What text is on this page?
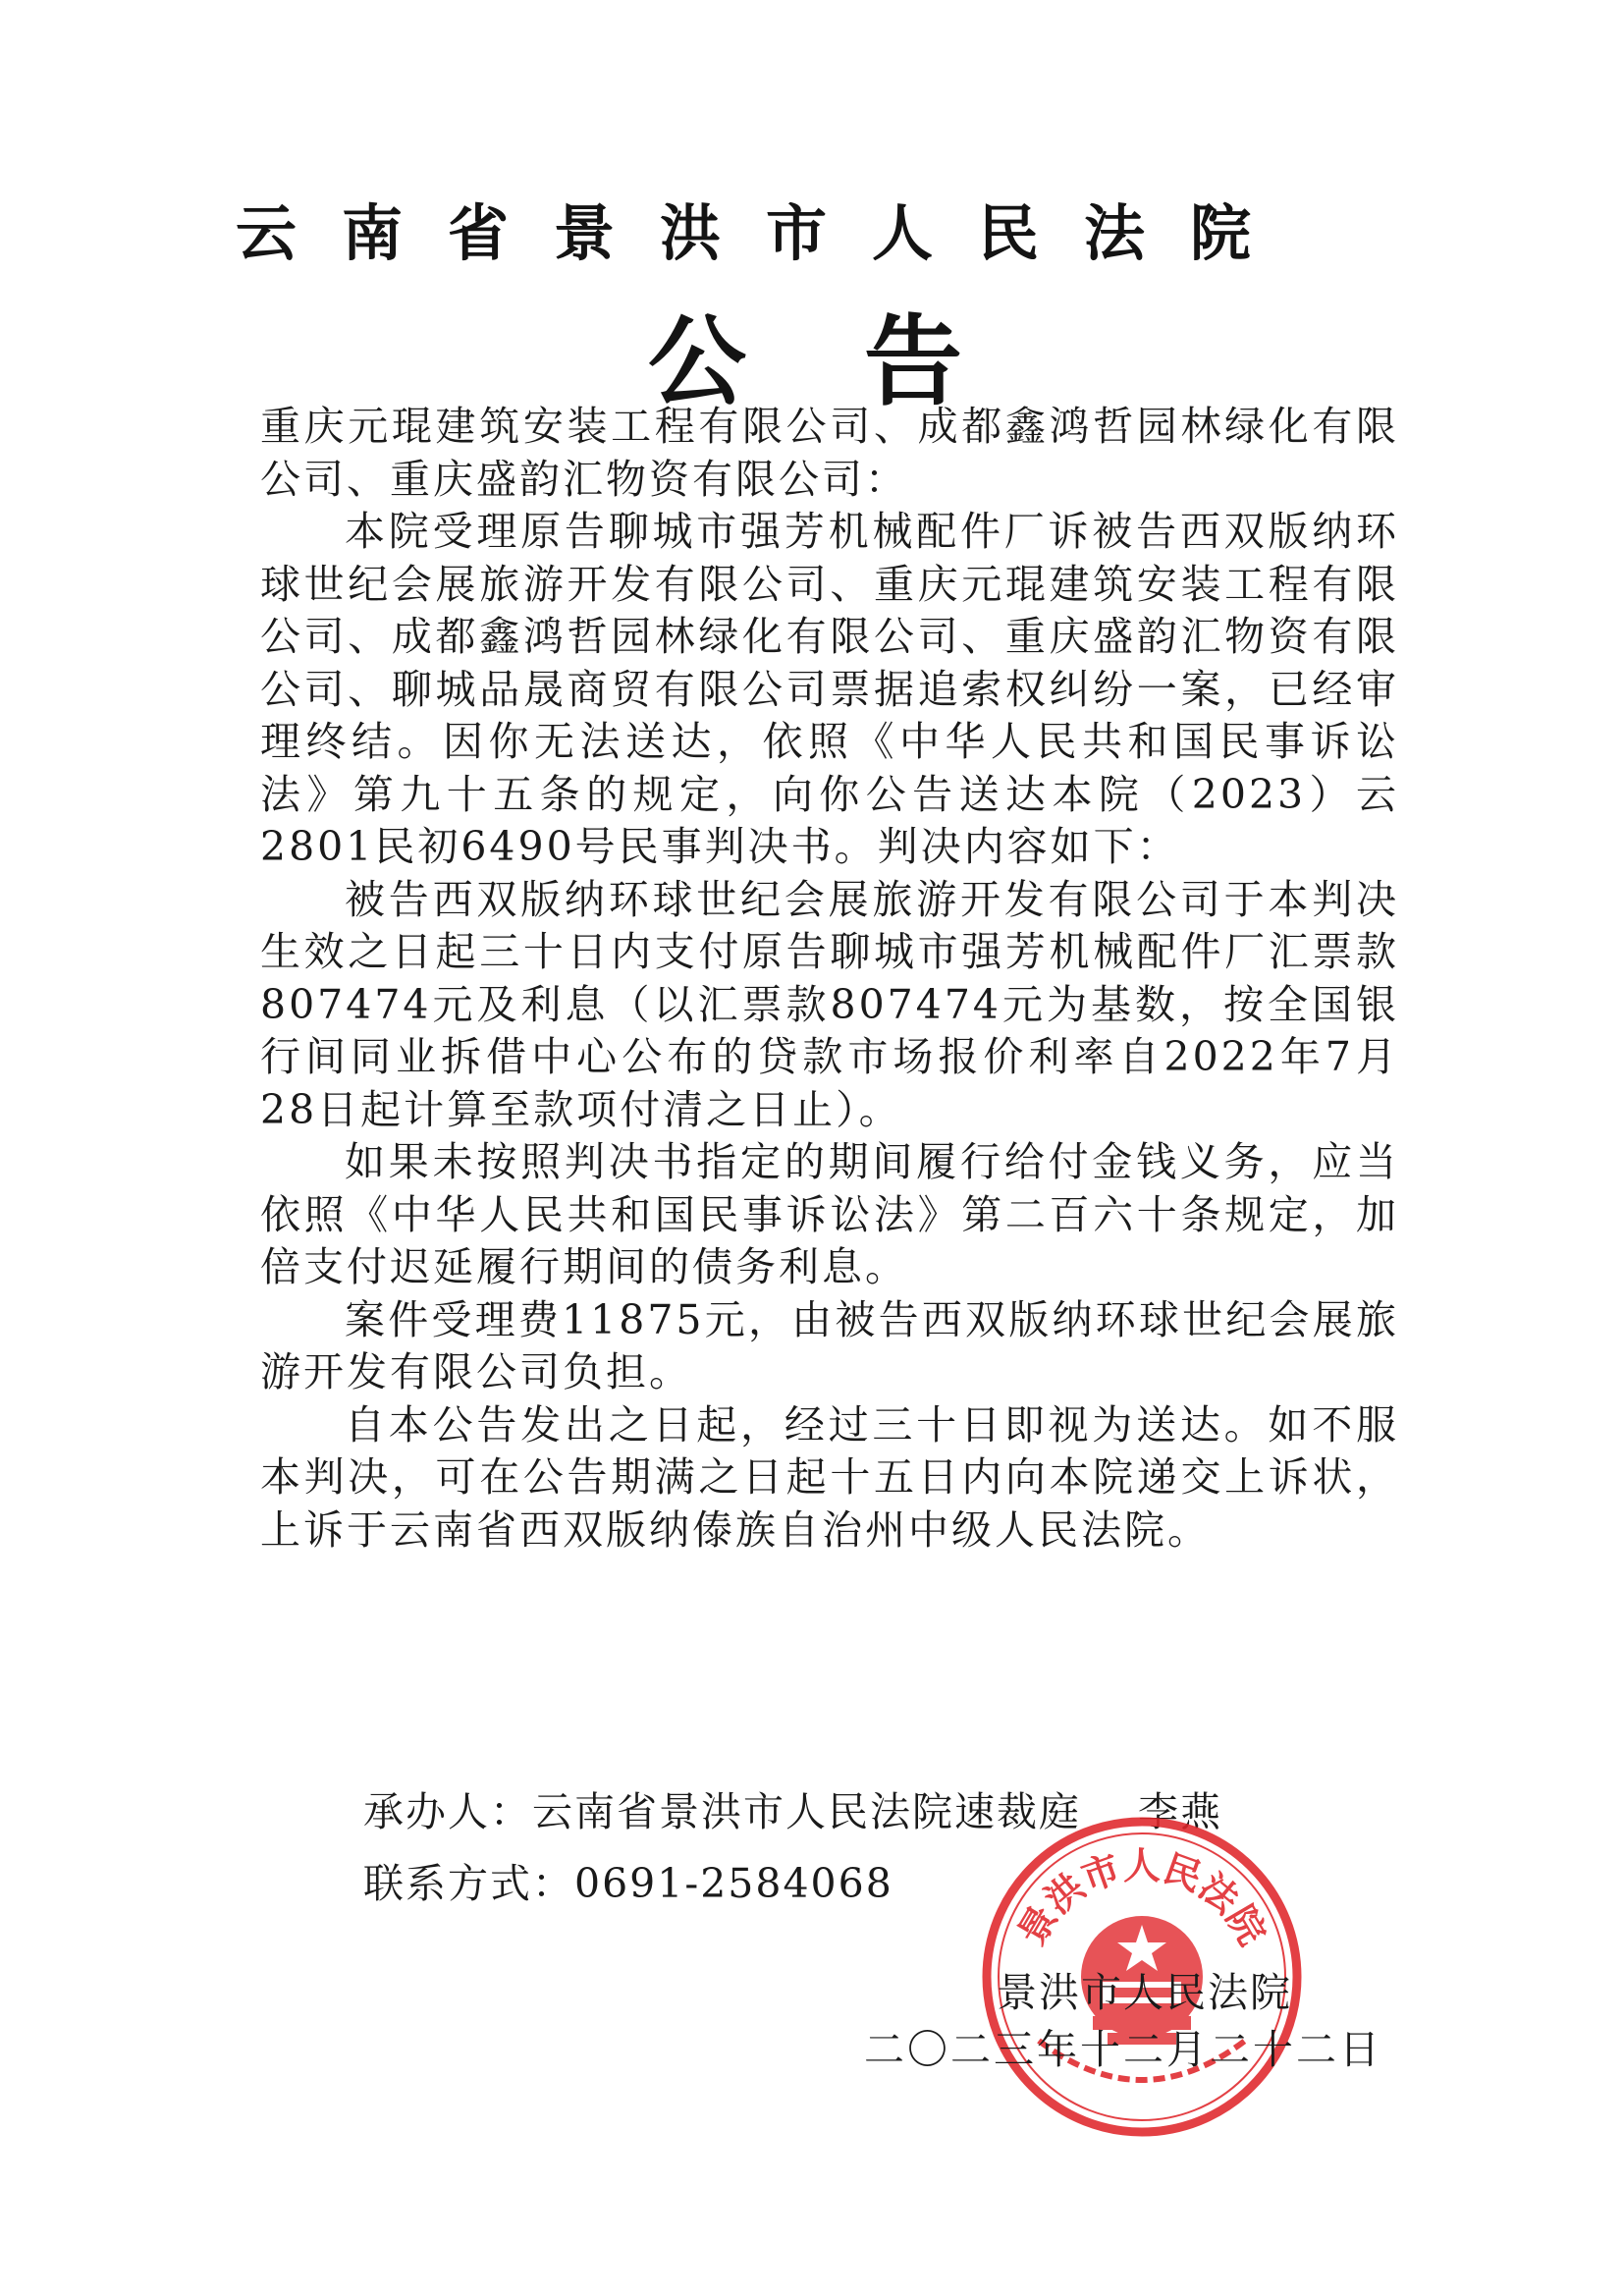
云南省景洪市人民法院
公告

重庆元琨建筑安装工程有限公司、成都鑫鸿哲园林绿化有限公司、重庆盛韵汇物资有限公司：

本院受理原告聊城市强芳机械配件厂诉被告西双版纳环球世纪会展旅游开发有限公司、重庆元琨建筑安装工程有限公司、成都鑫鸿哲园林绿化有限公司、重庆盛韵汇物资有限公司、聊城品晟商贸有限公司票据追索权纠纷一案，已经审理终结。因你无法送达，依照《中华人民共和国民事诉讼法》第九十五条的规定，向你公告送达本院（2023）云2801民初6490号民事判决书。判决内容如下：

被告西双版纳环球世纪会展旅游开发有限公司于本判决生效之日起三十日内支付原告聊城市强芳机械配件厂汇票款807474元及利息（以汇票款807474元为基数，按全国银行间同业拆借中心公布的贷款市场报价利率自2022年7月28日起计算至款项付清之日止）。

如果未按照判决书指定的期间履行给付金钱义务，应当依照《中华人民共和国民事诉讼法》第二百六十条规定，加倍支付迟延履行期间的债务利息。

案件受理费11875元，由被告西双版纳环球世纪会展旅游开发有限公司负担。

自本公告发出之日起，经过三十日即视为送达。如不服本判决，可在公告期满之日起十五日内向本院递交上诉状，上诉于云南省西双版纳傣族自治州中级人民法院。

承办人：云南省景洪市人民法院速裁庭 李燕
联系方式：0691-2584068
景洪市人民法院
景洪市人民法院
二〇二三年十二月二十二日
